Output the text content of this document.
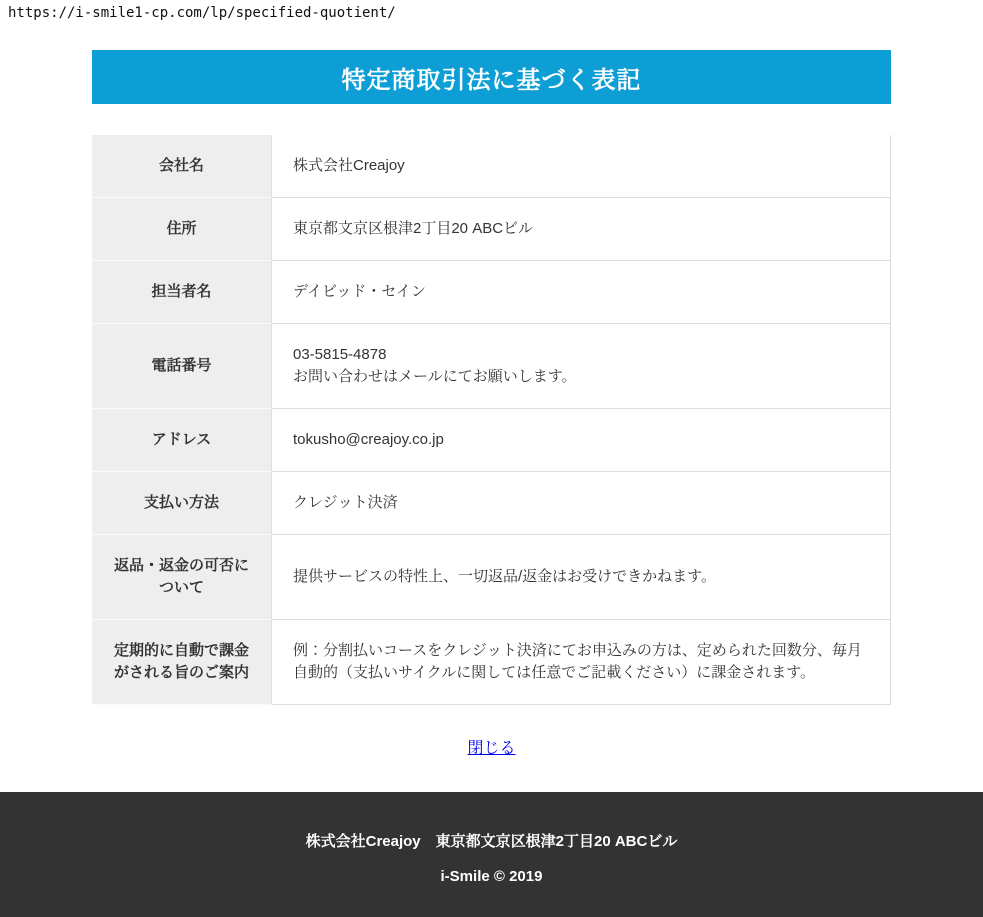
https://i-smile1-cp.com/lp/specified-quotient/
特定商取引法に基づく表記
会社名	株式会社Creajoy
住所	東京都文京区根津2丁目20 ABCビル
担当者名	デイビッド・セイン
電話番号	03-5815-4878
お問い合わせはメールにてお願いします。
アドレス	tokusho@creajoy.co.jp
支払い方法	クレジット決済
返品・返金の可否について	提供サービスの特性上、一切返品/返金はお受けできかねます。
定期的に自動で課金がされる旨のご案内	例：分割払いコースをクレジット決済にてお申込みの方は、定められた回数分、毎月自動的（支払いサイクルに関しては任意でご記載ください）に課金されます。
閉じる

株式会社Creajoy　東京都文京区根津2丁目20 ABCビル

i-Smile © 2019
